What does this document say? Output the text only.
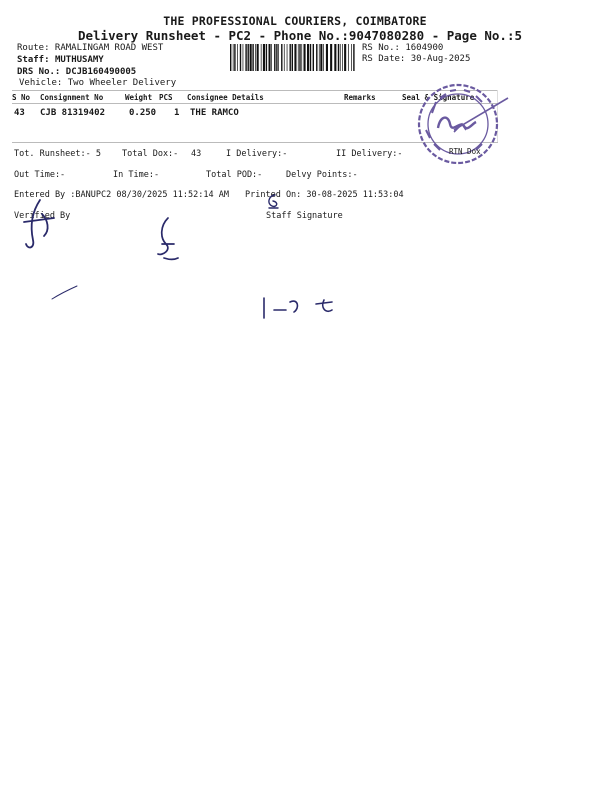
THE PROFESSIONAL COURIERS, COIMBATORE
Delivery Runsheet - PC2 - Phone No.:9047080280 - Page No.:5
Route: RAMALINGAM ROAD WEST
Staff: MUTHUSAMY
DRS No.: DCJB160490005
Vehicle: Two Wheeler Delivery
RS No.: 1604900
RS Date: 30-Aug-2025
S No Consignment No	Weight PCS Consignee Details	Remarks	Seal & Signature
43 CJB 81319402	0.250 1 THE RAMCO
RTN Dox
Tot. Runsheet:- 5 Total Dox:- 43	I Delivery:-	II Delivery:-
Out Time:-	In Time:-	Total POD:-	Delvy Points:-
Entered By :BANUPC2 08/30/2025 11:52:14 AM Printed On: 30-08-2025 11:53:04
Verified By	Staff Signature
